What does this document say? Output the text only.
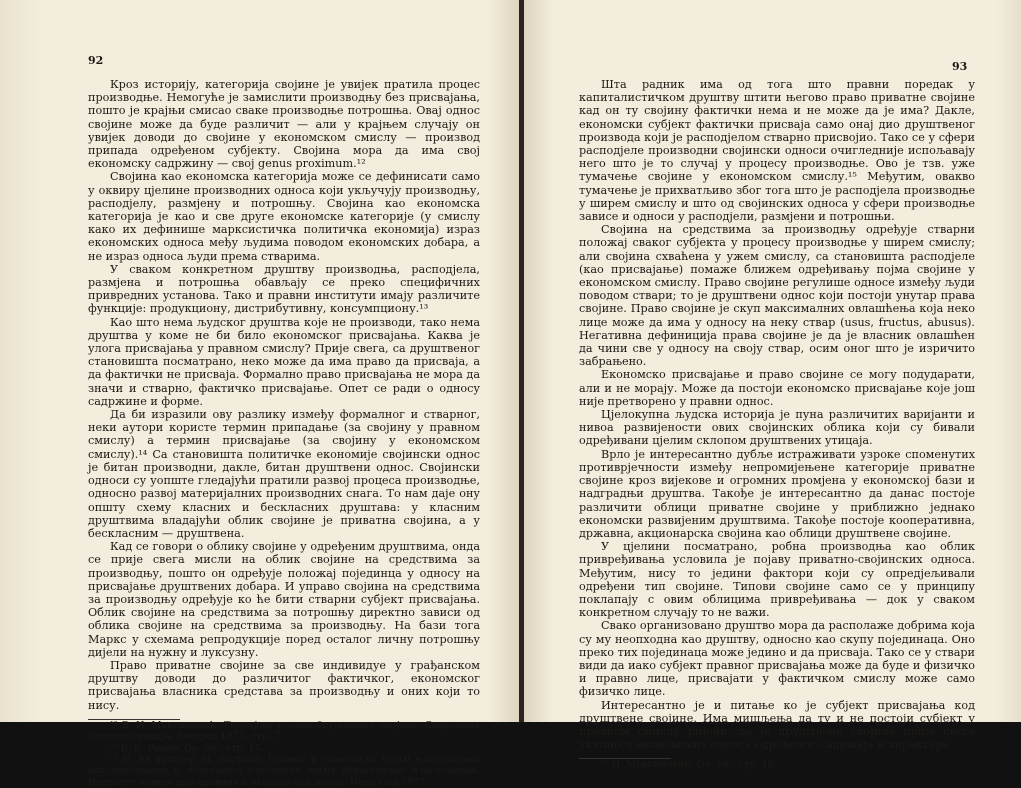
92

Кроз историју, категорија својине је увијек пратила процес производње. Немогуће је замислити производњу без присвајања, пошто је крајњи смисао сваке производње потрошња. Овај однос својине може да буде различит — али у крајњем случају он увијек доводи до својине у економском смислу — производ припада одређеном субјекту. Својина мора да има свој економску садржину — свој genus proximum.¹²

Својина као економска категорија може се дефинисати само у оквиру цјелине производних односа који укључују производњу, расподјелу, размјену и потрошњу. Својина као економска категорија је као и све друге економске категорије (у смислу како их дефинише марксистичка политичка економија) израз економских односа међу људима поводом економских добара, а не израз односа људи према стварима.

У сваком конкретном друштву производња, расподјела, размјена и потрошња обављају се преко специфичних привредних установа. Тако и правни институти имају различите функције: продукциону, дистрибутивну, консумпциону.¹³

Као што нема људског друштва које не производи, тако нема друштва у коме не би било економског присвајања. Каква је улога присвајања у правном смислу? Прије свега, са друштвеног становишта посматрано, неко може да има право да присваја, а да фактички не присваја. Формално право присвајања не мора да значи и стварно, фактичко присвајање. Опет се ради о односу садржине и форме.

Да би изразили ову разлику између формалног и стварног, неки аутори користе термин припадање (за својину у правном смислу) а термин присвајање (за својину у економском смислу).¹⁴ Са становишта политичке економије својински однос је битан производни, дакле, битан друштвени однос. Својински односи су уопште гледајући пратили развој процеса производње, односно развој материјалних производних снага. То нам даје ону општу схему класних и бескласних друштава: у класним друштвима владајући облик својине је приватна својина, а у бескласним — друштвена.

Кад се говори о облику својине у одређеним друштвима, онда се прије свега мисли на облик својине на средствима за производњу, пошто он одређује положај појединца у односу на присвајање друштвених добара. И управо својина на средствима за производњу одређује ко ће бити стварни субјект присвајања. Облик својине на средствима за потрошњу директно зависи од облика својине на средствима за производњу. На бази тога Маркс у схемама репродукције поред осталог личну потрошњу дијели на нужну и луксузну.

Право приватне својине за све индивидуе у грађанском друштву доводи до различитог фактичког, економског присвајања власника средстава за производњу и оних који то нису.

¹² В. И. Максимовић: Теоријске основе друштвене својине, Савремена администрација, Београд 1975, стр. 7.

¹³ В. К. Ренер: Op. cit., стр. 17.

¹⁴ В. на примјер М. Ведриш: Правни и економски појам власништва као позитивни и негативни елементи појма друштвеног власништва, Институт привредно-правних и економских наука, Нови Сад 1977.

93

Шта радник има од тога што правни поредак у капиталистичком друштву штити његово право приватне својине кад он ту својину фактички нема и не може да је има? Дакле, економски субјект фактички присваја само онај дио друштвеног производа који је расподјелом стварно присвојио. Тако се у сфери расподјеле производни својински односи очигледније испољавају него што је то случај у процесу производње. Ово је тзв. уже тумачење својине у економском смислу.¹⁵ Међутим, овакво тумачење је прихватљиво због тога што је расподјела производње у ширем смислу и што од својинских односа у сфери производње зависе и односи у расподјели, размјени и потрошњи.

Својина на средствима за производњу одређује стварни положај сваког субјекта у процесу производње у ширем смислу; али својина схваћена у ужем смислу, са становишта расподјеле (као присвајање) помаже ближем одређивању појма својине у економском смислу. Право својине регулише односе између људи поводом ствари; то је друштвени однос који постоји унутар права својине. Право својине је скуп максималних овлашћења која неко лице може да има у односу на неку ствар (usus, fructus, abusus). Негативна дефиниција права својине је да је власник овлашћен да чини све у односу на своју ствар, осим оног што је изричито забрањено.

Економско присвајање и право својине се могу подударати, али и не морају. Може да постоји економско присвајање које још није претворено у правни однос.

Цјелокупна људска историја је пуна различитих варијанти и нивоа развијености ових својинских облика који су бивали одређивани цјелим склопом друштвених утицаја.

Врло је интересантно дубље истраживати узроке споменутих противрјечности између непромијењене категорије приватне својине кроз вијекове и огромних промјена у економској бази и надградњи друштва. Такође је интересантно да данас постоје различити облици приватне својине у приближно једнако економски развијеним друштвима. Такође постоје кооперативна, државна, акционарска својина као облици друштвене својине.

У цјелини посматрано, робна производња као облик привређивања условила је појаву приватно-својинских односа. Међутим, нису то једини фактори који су опредјељивали одређени тип својине. Типови својине само се у принципу поклапају с овим облицима привређивања — док у сваком конкретном случају то не важи.

Свако организовано друштво мора да располаже добрима која су му неопходна као друштву, односно као скупу појединаца. Оно преко тих појединаца може једино и да присваја. Тако се у ствари види да иако субјект правног присвајања може да буде и физичко и правно лице, присвајати у фактичком смислу може само физичко лице.

Интересантно је и питање ко је субјект присвајања код друштвене својине. Има мишљења да ту и не постоји субјект у правном смислу ријечи, да је друштвена својина прије свега укупност економских односа одређеног садржаја и карактера.

¹⁵ И. Максимовић: Op. cit., стр. 10.
